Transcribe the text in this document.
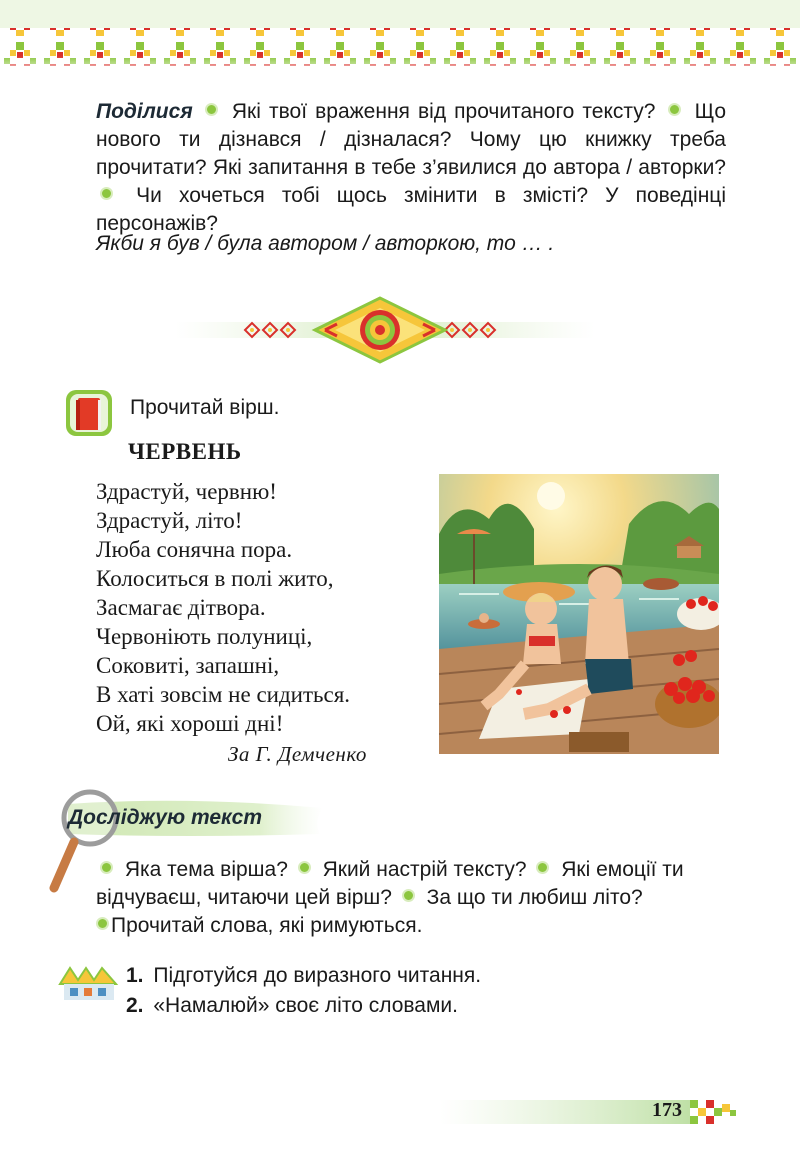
Поділися Які твої враження від прочитаного тексту? Що нового ти дізнався / дізналася? Чому цю книжку треба прочитати? Які запитання в тебе з’явилися до автора / авторки?  Чи хочеться тобі щось змінити в змісті? У поведінці персонажів?
Якби я був / була автором / авторкою, то … .
Прочитай вірш.
ЧЕРВЕНЬ
Здрастуй, червню!
Здрастуй, літо!
Люба сонячна пора.
Колоситься в полі жито,
Засмагає дітвора.
Червоніють полуниці,
Соковиті, запашні,
В хаті зовсім не сидиться.
Ой, які хороші дні!
За Г. Демченко
Досліджую текст
Яка тема вірша? Який настрій тексту? Які емоції ти відчуваєш, читаючи цей вірш? За що ти любиш літо?
Прочитай слова, які римуються.
1. Підготуйся до виразного читання.
2. «Намалюй» своє літо словами.
173
